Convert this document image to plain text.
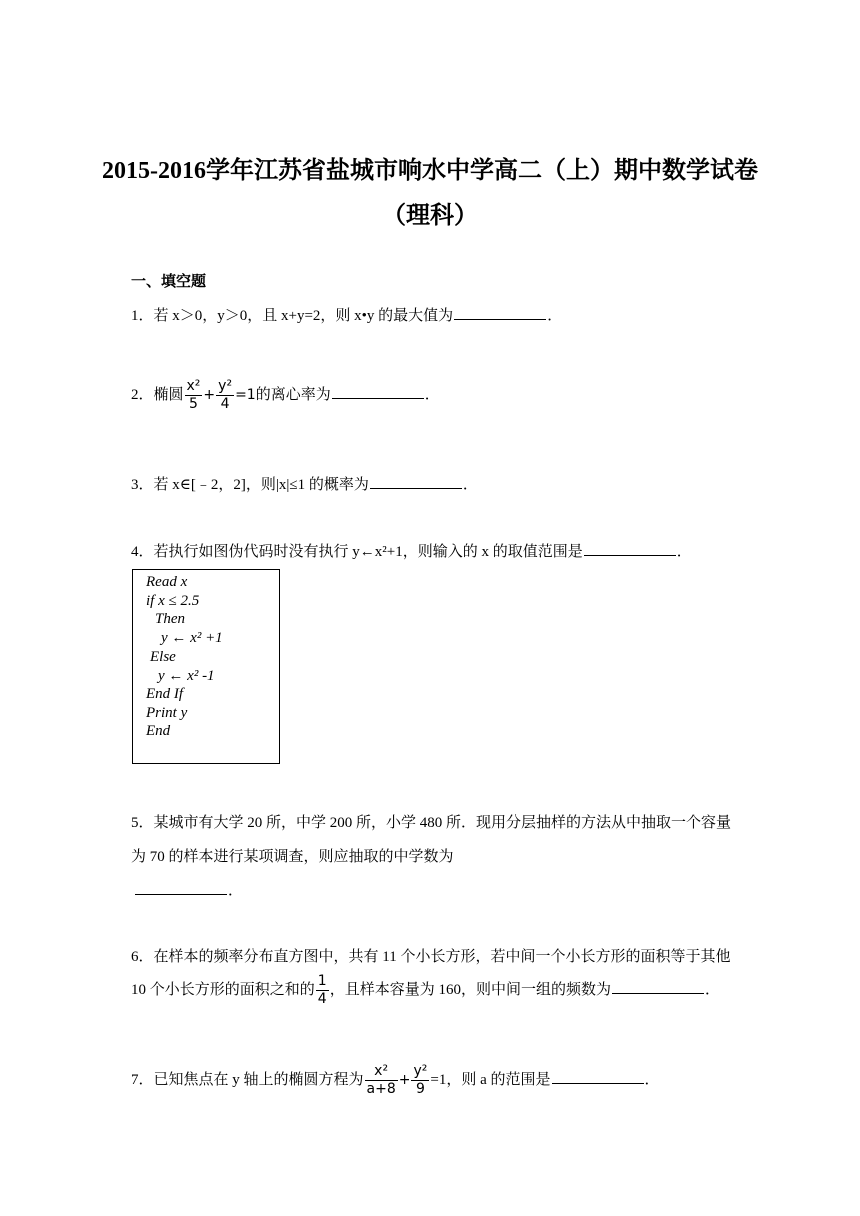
2015-2016学年江苏省盐城市响水中学高二（上）期中数学试卷
（理科）
一、填空题
1．若 x＞0，y＞0，且 x+y=2，则 x•y 的最大值为	．
2．椭圆 $\frac{\text{x²}}{5} + \frac{\text{y²}}{4} =1$的离心率为	．
3．若 x∈[﹣2，2]，则|x|≤1 的概率为	．
4．若执行如图伪代码时没有执行 y←x²+1，则输入的 x 的取值范围是	．
Read x
if x ≤ 2.5
Then
y ← x² +1
Else
y ← x² -1
End If
Print y
End
5．某城市有大学 20 所，中学 200 所，小学 480 所．现用分层抽样的方法从中抽取一个容量
为 70 的样本进行某项调查，则应抽取的中学数为
．
6．在样本的频率分布直方图中，共有 11 个小长方形，若中间一个小长方形的面积等于其他
10 个小长方形的面积之和的 $\frac{1}{4}$ ，且样本容量为 160，则中间一组的频数为	．
7．已知焦点在 y 轴上的椭圆方程为 $\frac{\text{x²}}{a+8} + \frac{\text{y²}}{9} =1$，则 a 的范围是	．
